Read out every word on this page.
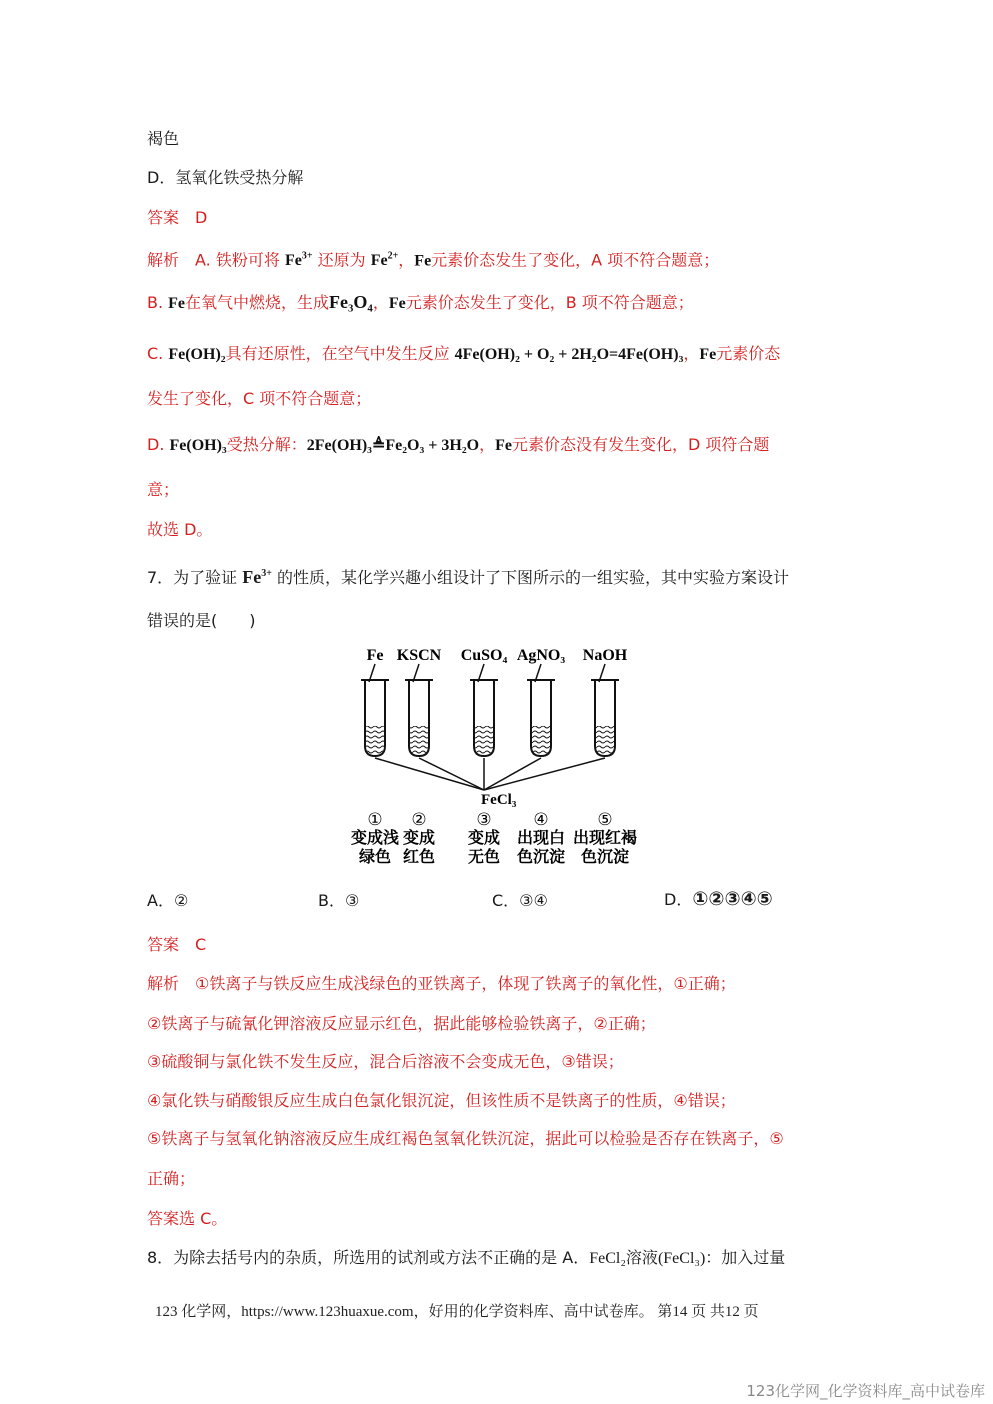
褐色
D．氢氧化铁受热分解
答案　D
解析　A. 铁粉可将 $Fe^{3+}$ 还原为 $Fe^{2+}$，Fe元素价态发生了变化，A 项不符合题意；
B. Fe在氧气中燃烧，生成Fe₃O₄，Fe元素价态发生了变化，B 项不符合题意；
C. Fe(OH)₂具有还原性，在空气中发生反应 4Fe(OH)₂ + O₂ + 2H₂O=4Fe(OH)₃，Fe元素价态
发生了变化，C 项不符合题意；
D. Fe(OH)₃受热分解：2Fe(OH)₃≜Fe₂O₃ + 3H₂O，Fe元素价态没有发生变化，D 项符合题
意；
故选 D。
7．为了验证 $Fe^{3+}$ 的性质，某化学兴趣小组设计了下图所示的一组实验，其中实验方案设计
错误的是(　　)
Fe KSCN CuSO₄ AgNO₃ NaOH
FeCl₃
① ②	③ ④	⑤
变成浅 变成 变成 出现白 出现红褐
绿色 红色 无色 色沉淀 色沉淀
A．②	B．③	C．③④	D．①②③④⑤
答案　C
解析　①铁离子与铁反应生成浅绿色的亚铁离子，体现了铁离子的氧化性，①正确；
②铁离子与硫氰化钾溶液反应显示红色，据此能够检验铁离子，②正确；
③硫酸铜与氯化铁不发生反应，混合后溶液不会变成无色，③错误；
④氯化铁与硝酸银反应生成白色氯化银沉淀，但该性质不是铁离子的性质，④错误；
⑤铁离子与氢氧化钠溶液反应生成红褐色氢氧化铁沉淀，据此可以检验是否存在铁离子，⑤
正确；
答案选 C。
8．为除去括号内的杂质，所选用的试剂或方法不正确的是 A．FeCl₂溶液(FeCl₃)：加入过量
123 化学网，https://www.123huaxue.com，好用的化学资料库、高中试卷库。 第14 页 共12 页
123化学网_化学资料库_高中试卷库
